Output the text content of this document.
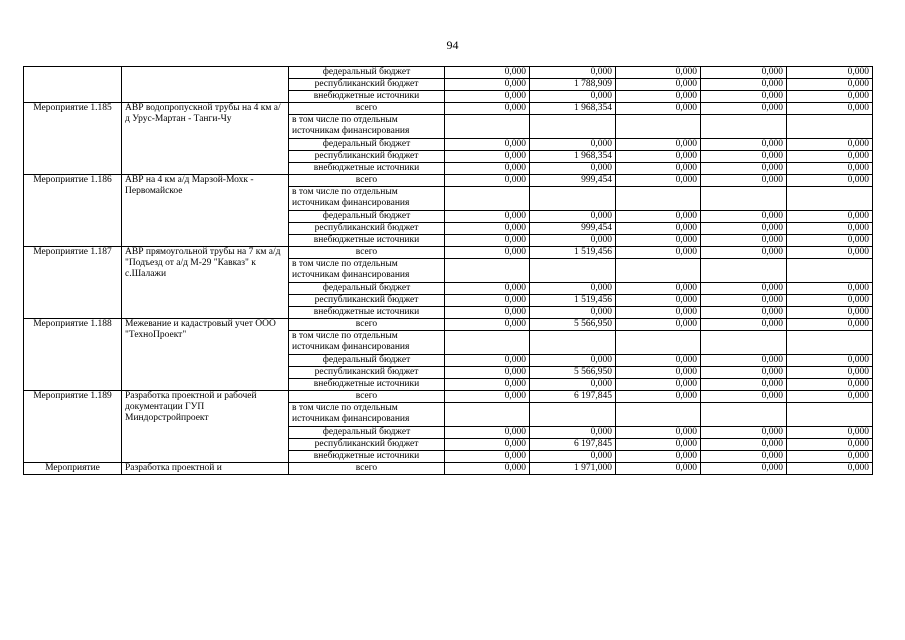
94
		федеральный бюджет	0,000	0,000	0,000	0,000	0,000
		республиканский бюджет	0,000	1 788,909	0,000	0,000	0,000
		внебюджетные источники	0,000	0,000	0,000	0,000	0,000
Мероприятие 1.185	АВР водопропускной трубы на 4 км а/д Урус-Мартан - Танги-Чу	всего	0,000	1 968,354	0,000	0,000	0,000
		в том числе по отдельным источникам финансирования					
		федеральный бюджет	0,000	0,000	0,000	0,000	0,000
		республиканский бюджет	0,000	1 968,354	0,000	0,000	0,000
		внебюджетные источники	0,000	0,000	0,000	0,000	0,000
Мероприятие 1.186	АВР на 4 км а/д Марзой-Мохк - Первомайское	всего	0,000	999,454	0,000	0,000	0,000
		в том числе по отдельным источникам финансирования					
		федеральный бюджет	0,000	0,000	0,000	0,000	0,000
		республиканский бюджет	0,000	999,454	0,000	0,000	0,000
		внебюджетные источники	0,000	0,000	0,000	0,000	0,000
Мероприятие 1.187	АВР прямоугольной трубы на 7 км а/д "Подъезд от а/д М-29 "Кавказ" к с.Шалажи	всего	0,000	1 519,456	0,000	0,000	0,000
		в том числе по отдельным источникам финансирования					
		федеральный бюджет	0,000	0,000	0,000	0,000	0,000
		республиканский бюджет	0,000	1 519,456	0,000	0,000	0,000
		внебюджетные источники	0,000	0,000	0,000	0,000	0,000
Мероприятие 1.188	Межевание и кадастровый учет ООО "ТехноПроект"	всего	0,000	5 566,950	0,000	0,000	0,000
		в том числе по отдельным источникам финансирования					
		федеральный бюджет	0,000	0,000	0,000	0,000	0,000
		республиканский бюджет	0,000	5 566,950	0,000	0,000	0,000
		внебюджетные источники	0,000	0,000	0,000	0,000	0,000
Мероприятие 1.189	Разработка проектной и рабочей документации ГУП Миндорстройпроект	всего	0,000	6 197,845	0,000	0,000	0,000
		в том числе по отдельным источникам финансирования					
		федеральный бюджет	0,000	0,000	0,000	0,000	0,000
		республиканский бюджет	0,000	6 197,845	0,000	0,000	0,000
		внебюджетные источники	0,000	0,000	0,000	0,000	0,000
Мероприятие	Разработка проектной и	всего	0,000	1 971,000	0,000	0,000	0,000
